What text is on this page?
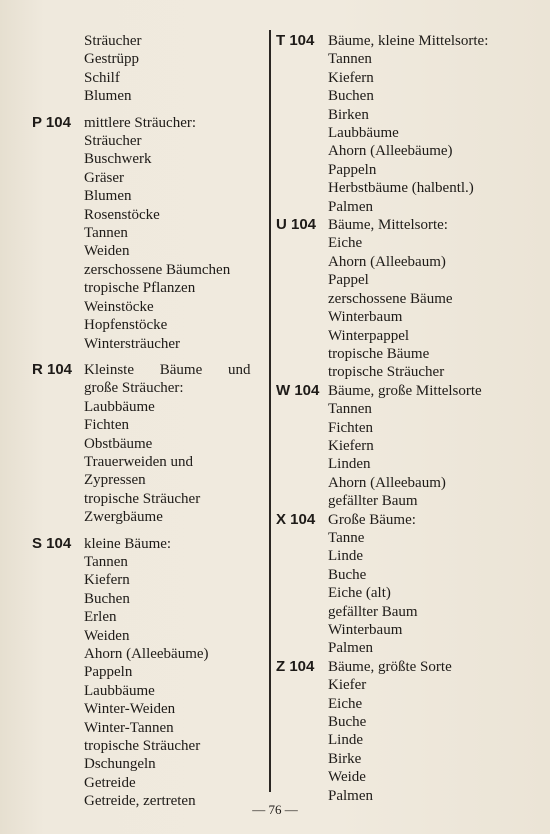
Sträucher
Gestrüpp
Schilf
Blumen
P 104 mittlere Sträucher:
Sträucher
Buschwerk
Gräser
Blumen
Rosenstöcke
Tannen
Weiden
zerschossene Bäumchen
tropische Pflanzen
Weinstöcke
Hopfenstöcke
Wintersträucher
R 104 Kleinste Bäume und
große Sträucher:
Laubbäume
Fichten
Obstbäume
Trauerweiden und
Zypressen
tropische Sträucher
Zwergbäume
S 104 kleine Bäume:
Tannen
Kiefern
Buchen
Erlen
Weiden
Ahorn (Alleebäume)
Pappeln
Laubbäume
Winter-Weiden
Winter-Tannen
tropische Sträucher
Dschungeln
Getreide
Getreide, zertreten
T 104 Bäume, kleine Mittelsorte:
Tannen
Kiefern
Buchen
Birken
Laubbäume
Ahorn (Alleebäume)
Pappeln
Herbstbäume (halbentl.)
Palmen
U 104 Bäume, Mittelsorte:
Eiche
Ahorn (Alleebaum)
Pappel
zerschossene Bäume
Winterbaum
Winterpappel
tropische Bäume
tropische Sträucher
W 104 Bäume, große Mittelsorte
Tannen
Fichten
Kiefern
Linden
Ahorn (Alleebaum)
gefällter Baum
X 104 Große Bäume:
Tanne
Linde
Buche
Eiche (alt)
gefällter Baum
Winterbaum
Palmen
Z 104 Bäume, größte Sorte
Kiefer
Eiche
Buche
Linde
Birke
Weide
Palmen
— 76 —
